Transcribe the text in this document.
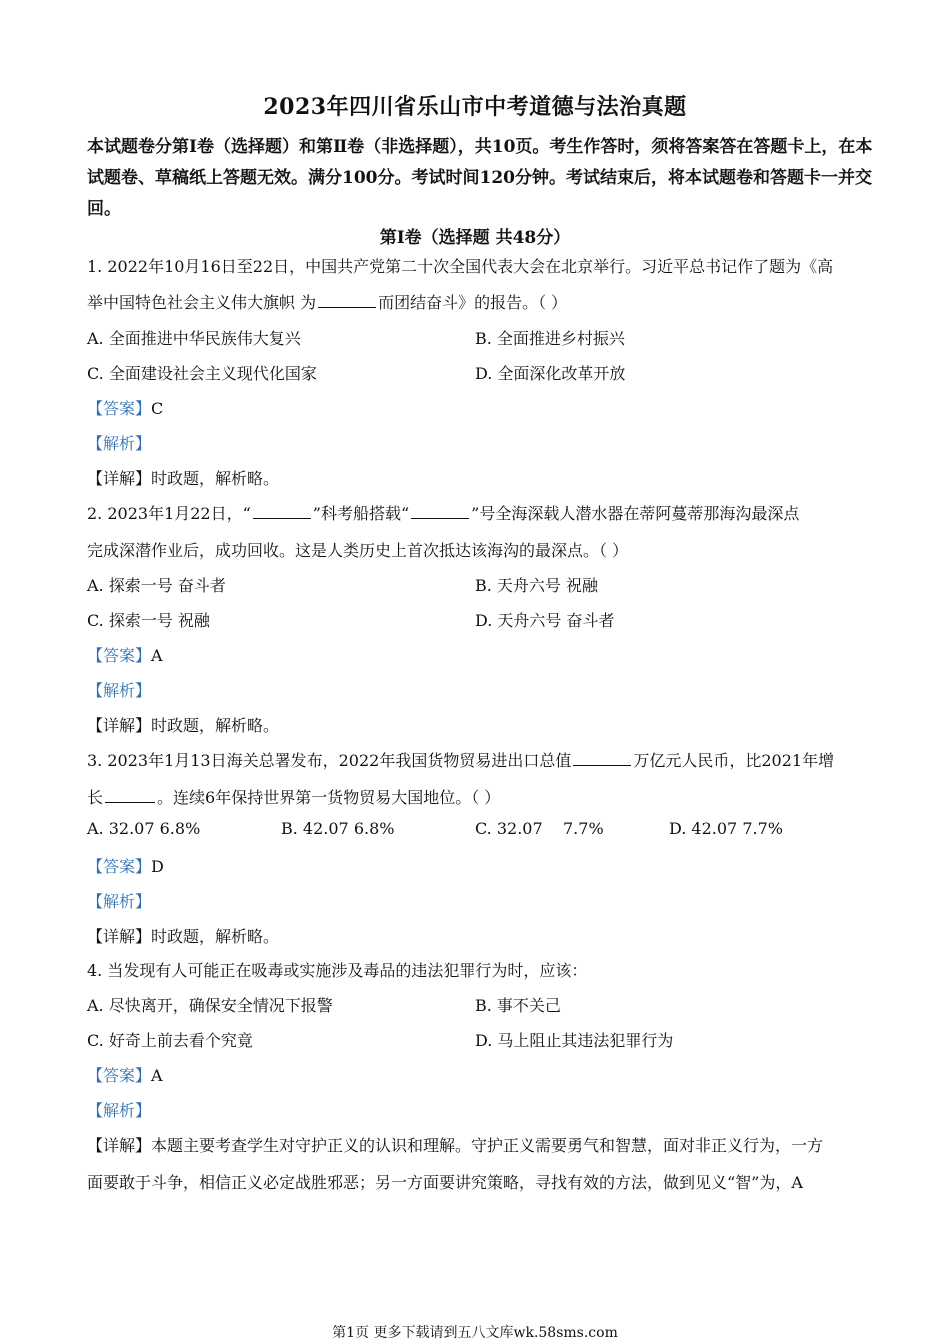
2023年四川省乐山市中考道德与法治真题
本试题卷分第Ⅰ卷（选择题）和第Ⅱ卷（非选择题），共10页。考生作答时，须将答案答在答题卡上，在本试题卷、草稿纸上答题无效。满分100分。考试时间120分钟。考试结束后，将本试题卷和答题卡一并交回。
第Ⅰ卷（选择题 共48分）
1. 2022年10月16日至22日，中国共产党第二十次全国代表大会在北京举行。习近平总书记作了题为《高
举中国特色社会主义伟大旗帜 为	而团结奋斗》的报告。（ ）
A. 全面推进中华民族伟大复兴	B. 全面推进乡村振兴
C. 全面建设社会主义现代化国家	D. 全面深化改革开放
【答案】C
【解析】
【详解】时政题，解析略。
2. 2023年1月22日，“	”科考船搭载“	”号全海深载人潜水器在蒂阿蔓蒂那海沟最深点
完成深潜作业后，成功回收。这是人类历史上首次抵达该海沟的最深点。（ ）
A. 探索一号 奋斗者	B. 天舟六号 祝融
C. 探索一号 祝融	D. 天舟六号 奋斗者
【答案】A
【解析】
【详解】时政题，解析略。
3. 2023年1月13日海关总署发布，2022年我国货物贸易进出口总值	万亿元人民币，比2021年增
长	。连续6年保持世界第一货物贸易大国地位。（ ）
A. 32.07 6.8%	B. 42.07 6.8%	C. 32.07    7.7%	D. 42.07 7.7%
【答案】D
【解析】
【详解】时政题，解析略。
4. 当发现有人可能正在吸毒或实施涉及毒品的违法犯罪行为时，应该：
A. 尽快离开，确保安全情况下报警	B. 事不关己
C. 好奇上前去看个究竟	D. 马上阻止其违法犯罪行为
【答案】A
【解析】
【详解】本题主要考查学生对守护正义的认识和理解。守护正义需要勇气和智慧，面对非正义行为，一方
面要敢于斗争，相信正义必定战胜邪恶；另一方面要讲究策略，寻找有效的方法，做到见义“智”为，A
第1页 更多下载请到五八文库wk.58sms.com
